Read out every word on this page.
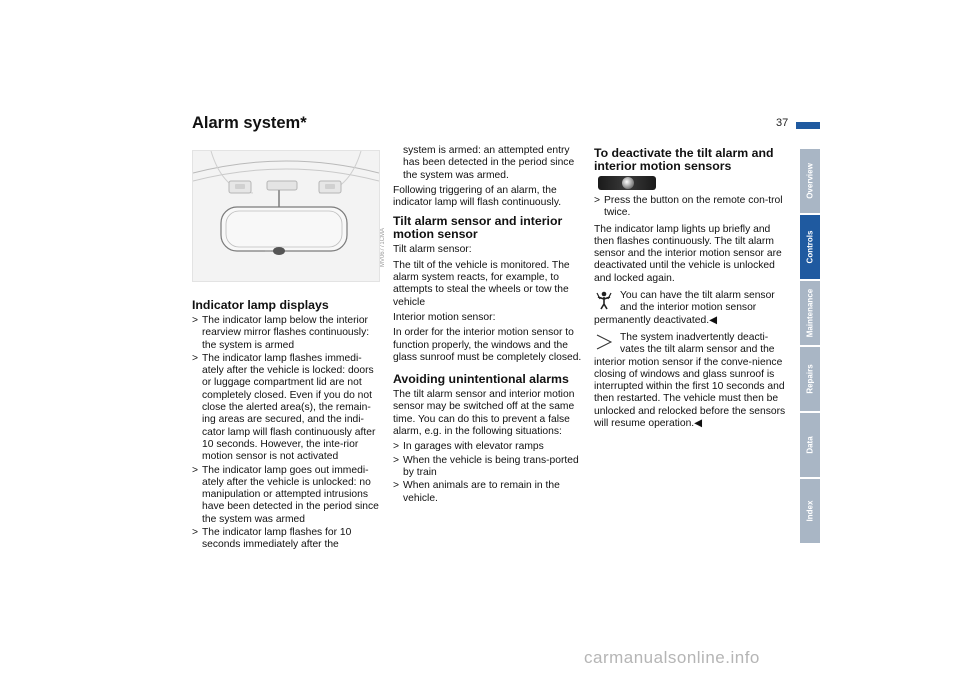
37
Alarm system*
MV06771CMA
Indicator lamp displays
> The indicator lamp below the interior rearview mirror flashes continuously: the system is armed
> The indicator lamp flashes immedi-ately after the vehicle is locked: doors or luggage compartment lid are not completely closed. Even if you do not close the alerted area(s), the remain-ing areas are secured, and the indi-cator lamp will flash continuously after 10 seconds. However, the inte-rior motion sensor is not activated
> The indicator lamp goes out immedi-ately after the vehicle is unlocked: no manipulation or attempted intrusions have been detected in the period since the system was armed
> The indicator lamp flashes for 10 seconds immediately after the

system is armed: an attempted entry has been detected in the period since the system was armed.

Following triggering of an alarm, the indicator lamp will flash continuously.

Tilt alarm sensor and interior motion sensor

Tilt alarm sensor:

The tilt of the vehicle is monitored. The alarm system reacts, for example, to attempts to steal the wheels or tow the vehicle

Interior motion sensor:

In order for the interior motion sensor to function properly, the windows and the glass sunroof must be completely closed.

Avoiding unintentional alarms

The tilt alarm sensor and interior motion sensor may be switched off at the same time. You can do this to prevent a false alarm, e.g. in the following situations:

> In garages with elevator ramps
> When the vehicle is being trans-ported by train
> When animals are to remain in the vehicle.
To deactivate the tilt alarm and interior motion sensors
> Press the button on the remote con-trol twice.

The indicator lamp lights up briefly and then flashes continuously. The tilt alarm sensor and the interior motion sensor are deactivated until the vehicle is unlocked and locked again.

You can have the tilt alarm sensor and the interior motion sensor
permanently deactivated.◀
The system inadvertently deacti-vates the tilt alarm sensor and the
interior motion sensor if the conve-nience closing of windows and glass sunroof is interrupted within the first 10 seconds and then restarted. The vehicle must then be unlocked and relocked before the sensors will resume operation.◀
Overview
Controls
Maintenance
Repairs
Data
Index
carmanualsonline.info
